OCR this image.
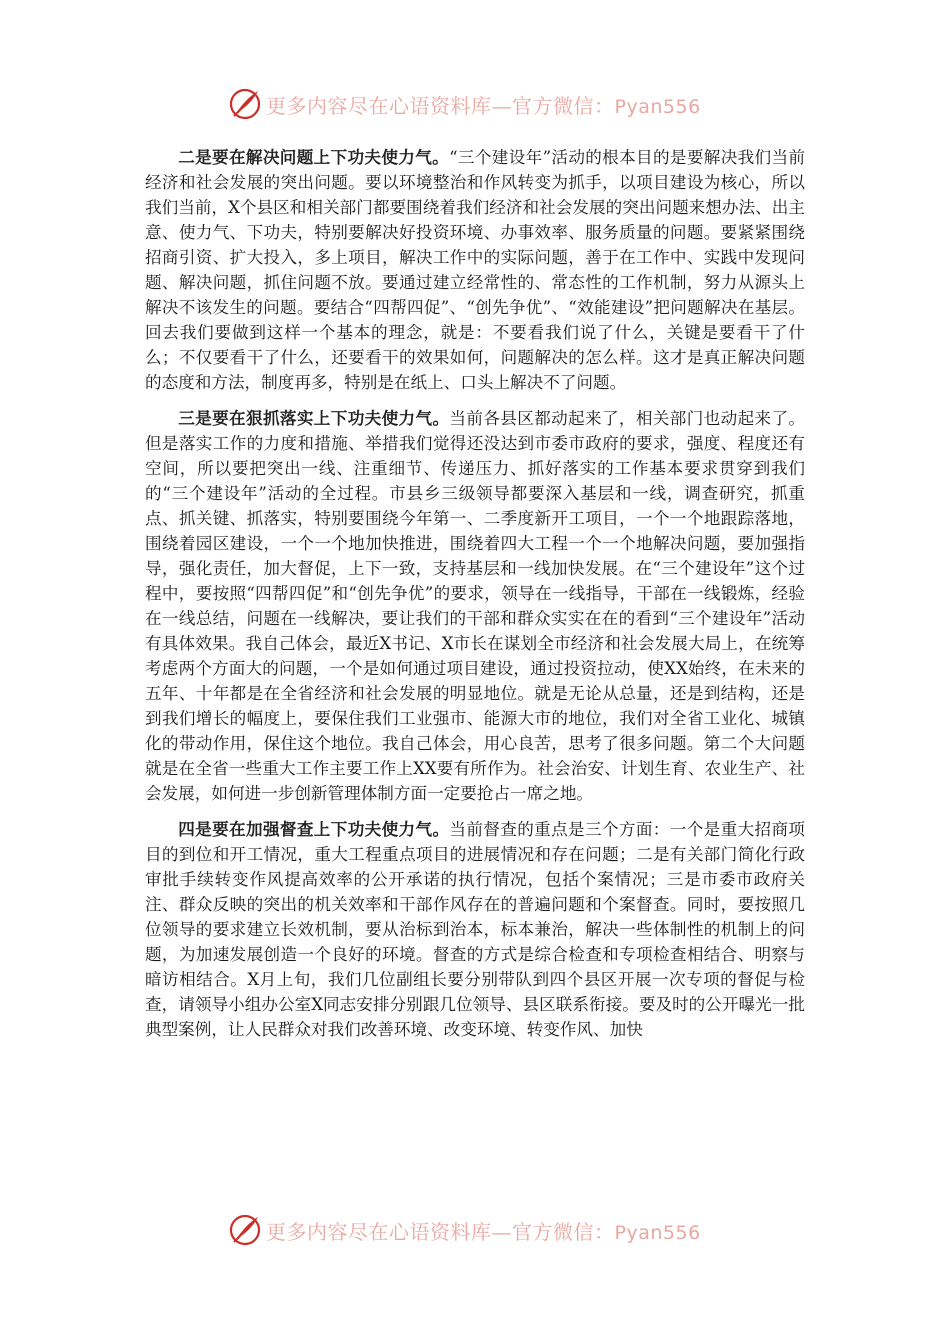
更多内容尽在心语资料库—官方微信：Pyan556

二是要在解决问题上下功夫使力气。“三个建设年”活动的根本目的是要解决我们当前经济和社会发展的突出问题。要以环境整治和作风转变为抓手，以项目建设为核心，所以我们当前，X个县区和相关部门都要围绕着我们经济和社会发展的突出问题来想办法、出主意、使力气、下功夫，特别要解决好投资环境、办事效率、服务质量的问题。要紧紧围绕招商引资、扩大投入，多上项目，解决工作中的实际问题，善于在工作中、实践中发现问题、解决问题，抓住问题不放。要通过建立经常性的、常态性的工作机制，努力从源头上解决不该发生的问题。要结合“四帮四促”、“创先争优”、“效能建设”把问题解决在基层。回去我们要做到这样一个基本的理念，就是：不要看我们说了什么，关键是要看干了什么；不仅要看干了什么，还要看干的效果如何，问题解决的怎么样。这才是真正解决问题的态度和方法，制度再多，特别是在纸上、口头上解决不了问题。

三是要在狠抓落实上下功夫使力气。当前各县区都动起来了，相关部门也动起来了。但是落实工作的力度和措施、举措我们觉得还没达到市委市政府的要求，强度、程度还有空间，所以要把突出一线、注重细节、传递压力、抓好落实的工作基本要求贯穿到我们的“三个建设年”活动的全过程。市县乡三级领导都要深入基层和一线，调查研究，抓重点、抓关键、抓落实，特别要围绕今年第一、二季度新开工项目，一个一个地跟踪落地，围绕着园区建设，一个一个地加快推进，围绕着四大工程一个一个地解决问题，要加强指导，强化责任，加大督促，上下一致，支持基层和一线加快发展。在“三个建设年”这个过程中，要按照“四帮四促”和“创先争优”的要求，领导在一线指导，干部在一线锻炼，经验在一线总结，问题在一线解决，要让我们的干部和群众实实在在的看到“三个建设年”活动有具体效果。我自己体会，最近X书记、X市长在谋划全市经济和社会发展大局上，在统筹考虑两个方面大的问题，一个是如何通过项目建设，通过投资拉动，使XX始终，在未来的五年、十年都是在全省经济和社会发展的明显地位。就是无论从总量，还是到结构，还是到我们增长的幅度上，要保住我们工业强市、能源大市的地位，我们对全省工业化、城镇化的带动作用，保住这个地位。我自己体会，用心良苦，思考了很多问题。第二个大问题就是在全省一些重大工作主要工作上XX要有所作为。社会治安、计划生育、农业生产、社会发展，如何进一步创新管理体制方面一定要抢占一席之地。

四是要在加强督查上下功夫使力气。当前督查的重点是三个方面：一个是重大招商项目的到位和开工情况，重大工程重点项目的进展情况和存在问题；二是有关部门简化行政审批手续转变作风提高效率的公开承诺的执行情况，包括个案情况；三是市委市政府关注、群众反映的突出的机关效率和干部作风存在的普遍问题和个案督查。同时，要按照几位领导的要求建立长效机制，要从治标到治本，标本兼治，解决一些体制性的机制上的问题，为加速发展创造一个良好的环境。督查的方式是综合检查和专项检查相结合、明察与暗访相结合。X月上旬，我们几位副组长要分别带队到四个县区开展一次专项的督促与检查，请领导小组办公室X同志安排分别跟几位领导、县区联系衔接。要及时的公开曝光一批典型案例，让人民群众对我们改善环境、改变环境、转变作风、加快

更多内容尽在心语资料库—官方微信：Pyan556
